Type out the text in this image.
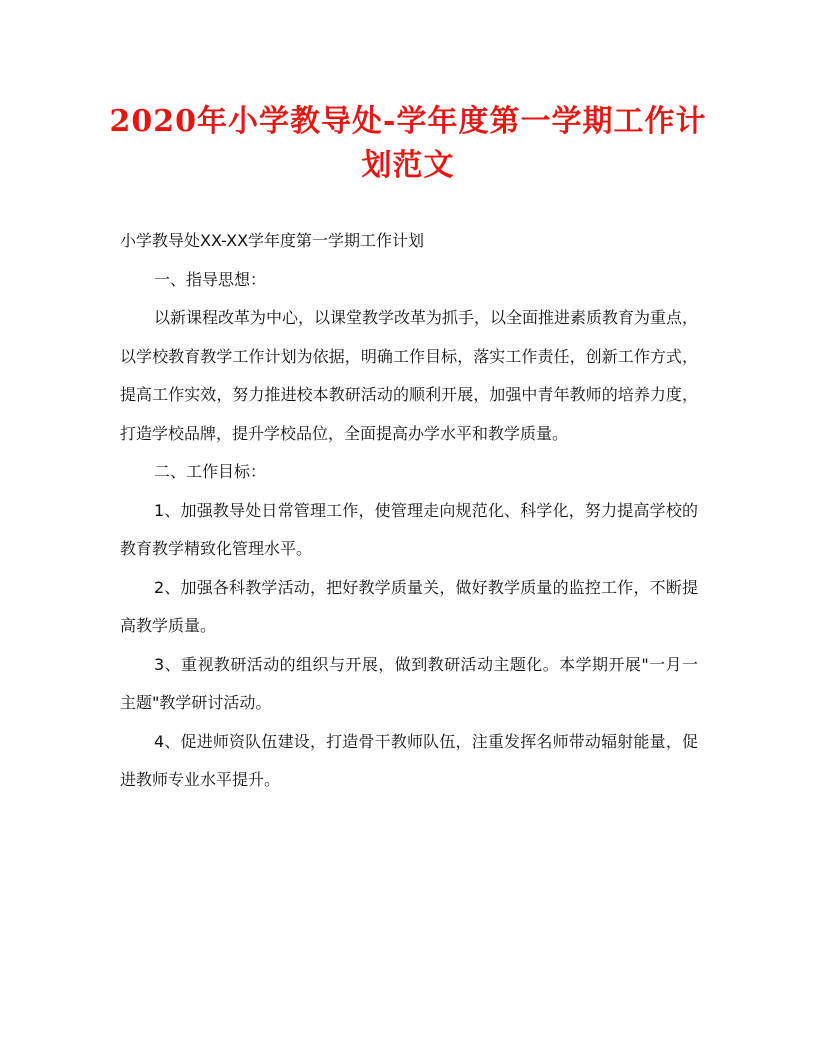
2020年小学教导处-学年度第一学期工作计
划范文

小学教导处XX-XX学年度第一学期工作计划

一、指导思想：

以新课程改革为中心，以课堂教学改革为抓手，以全面推进素质教育为重点，以学校教育教学工作计划为依据，明确工作目标，落实工作责任，创新工作方式，提高工作实效，努力推进校本教研活动的顺利开展，加强中青年教师的培养力度，打造学校品牌，提升学校品位，全面提高办学水平和教学质量。

二、工作目标：

1、加强教导处日常管理工作，使管理走向规范化、科学化，努力提高学校的教育教学精致化管理水平。

2、加强各科教学活动，把好教学质量关，做好教学质量的监控工作，不断提高教学质量。

3、重视教研活动的组织与开展，做到教研活动主题化。本学期开展"一月一主题"教学研讨活动。

4、促进师资队伍建设，打造骨干教师队伍，注重发挥名师带动辐射能量，促进教师专业水平提升。
